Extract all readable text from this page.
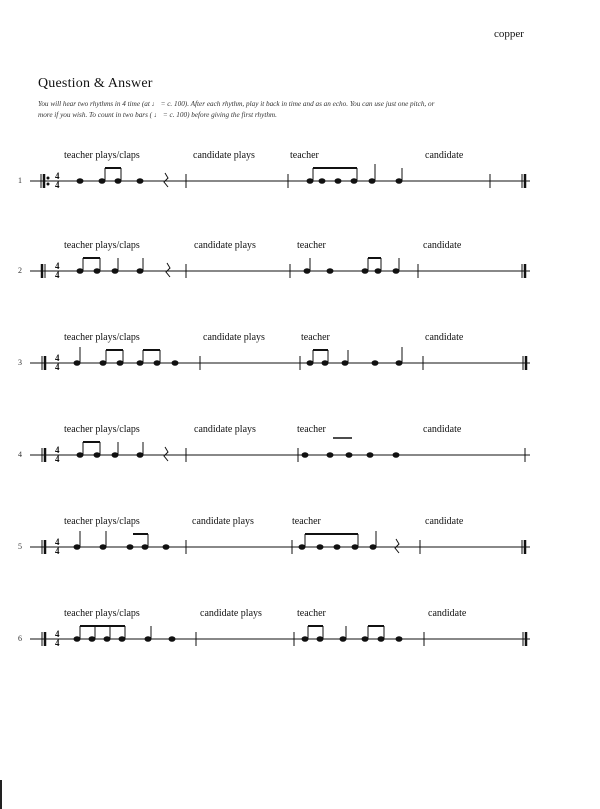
copper
Question & Answer
You will hear two rhythms in 4 time (at ♩ = c. 100). After each rhythm, play it back in time and as an echo. You can use just one pitch, or
more if you wish. To count in two bars ( ♩ = c. 100) before giving the first rhythm.
teacher plays/claps	candidate plays	teacher	candidate
1	4
4
teacher plays/claps	candidate plays	teacher	candidate
2	4
4
teacher plays/claps	candidate plays	teacher	candidate
3	4
4
teacher plays/claps	candidate plays	teacher	candidate
4	4
4
teacher plays/claps	candidate plays	teacher	candidate
5	4
4
teacher plays/claps	candidate plays	teacher	candidate
6	4
4
